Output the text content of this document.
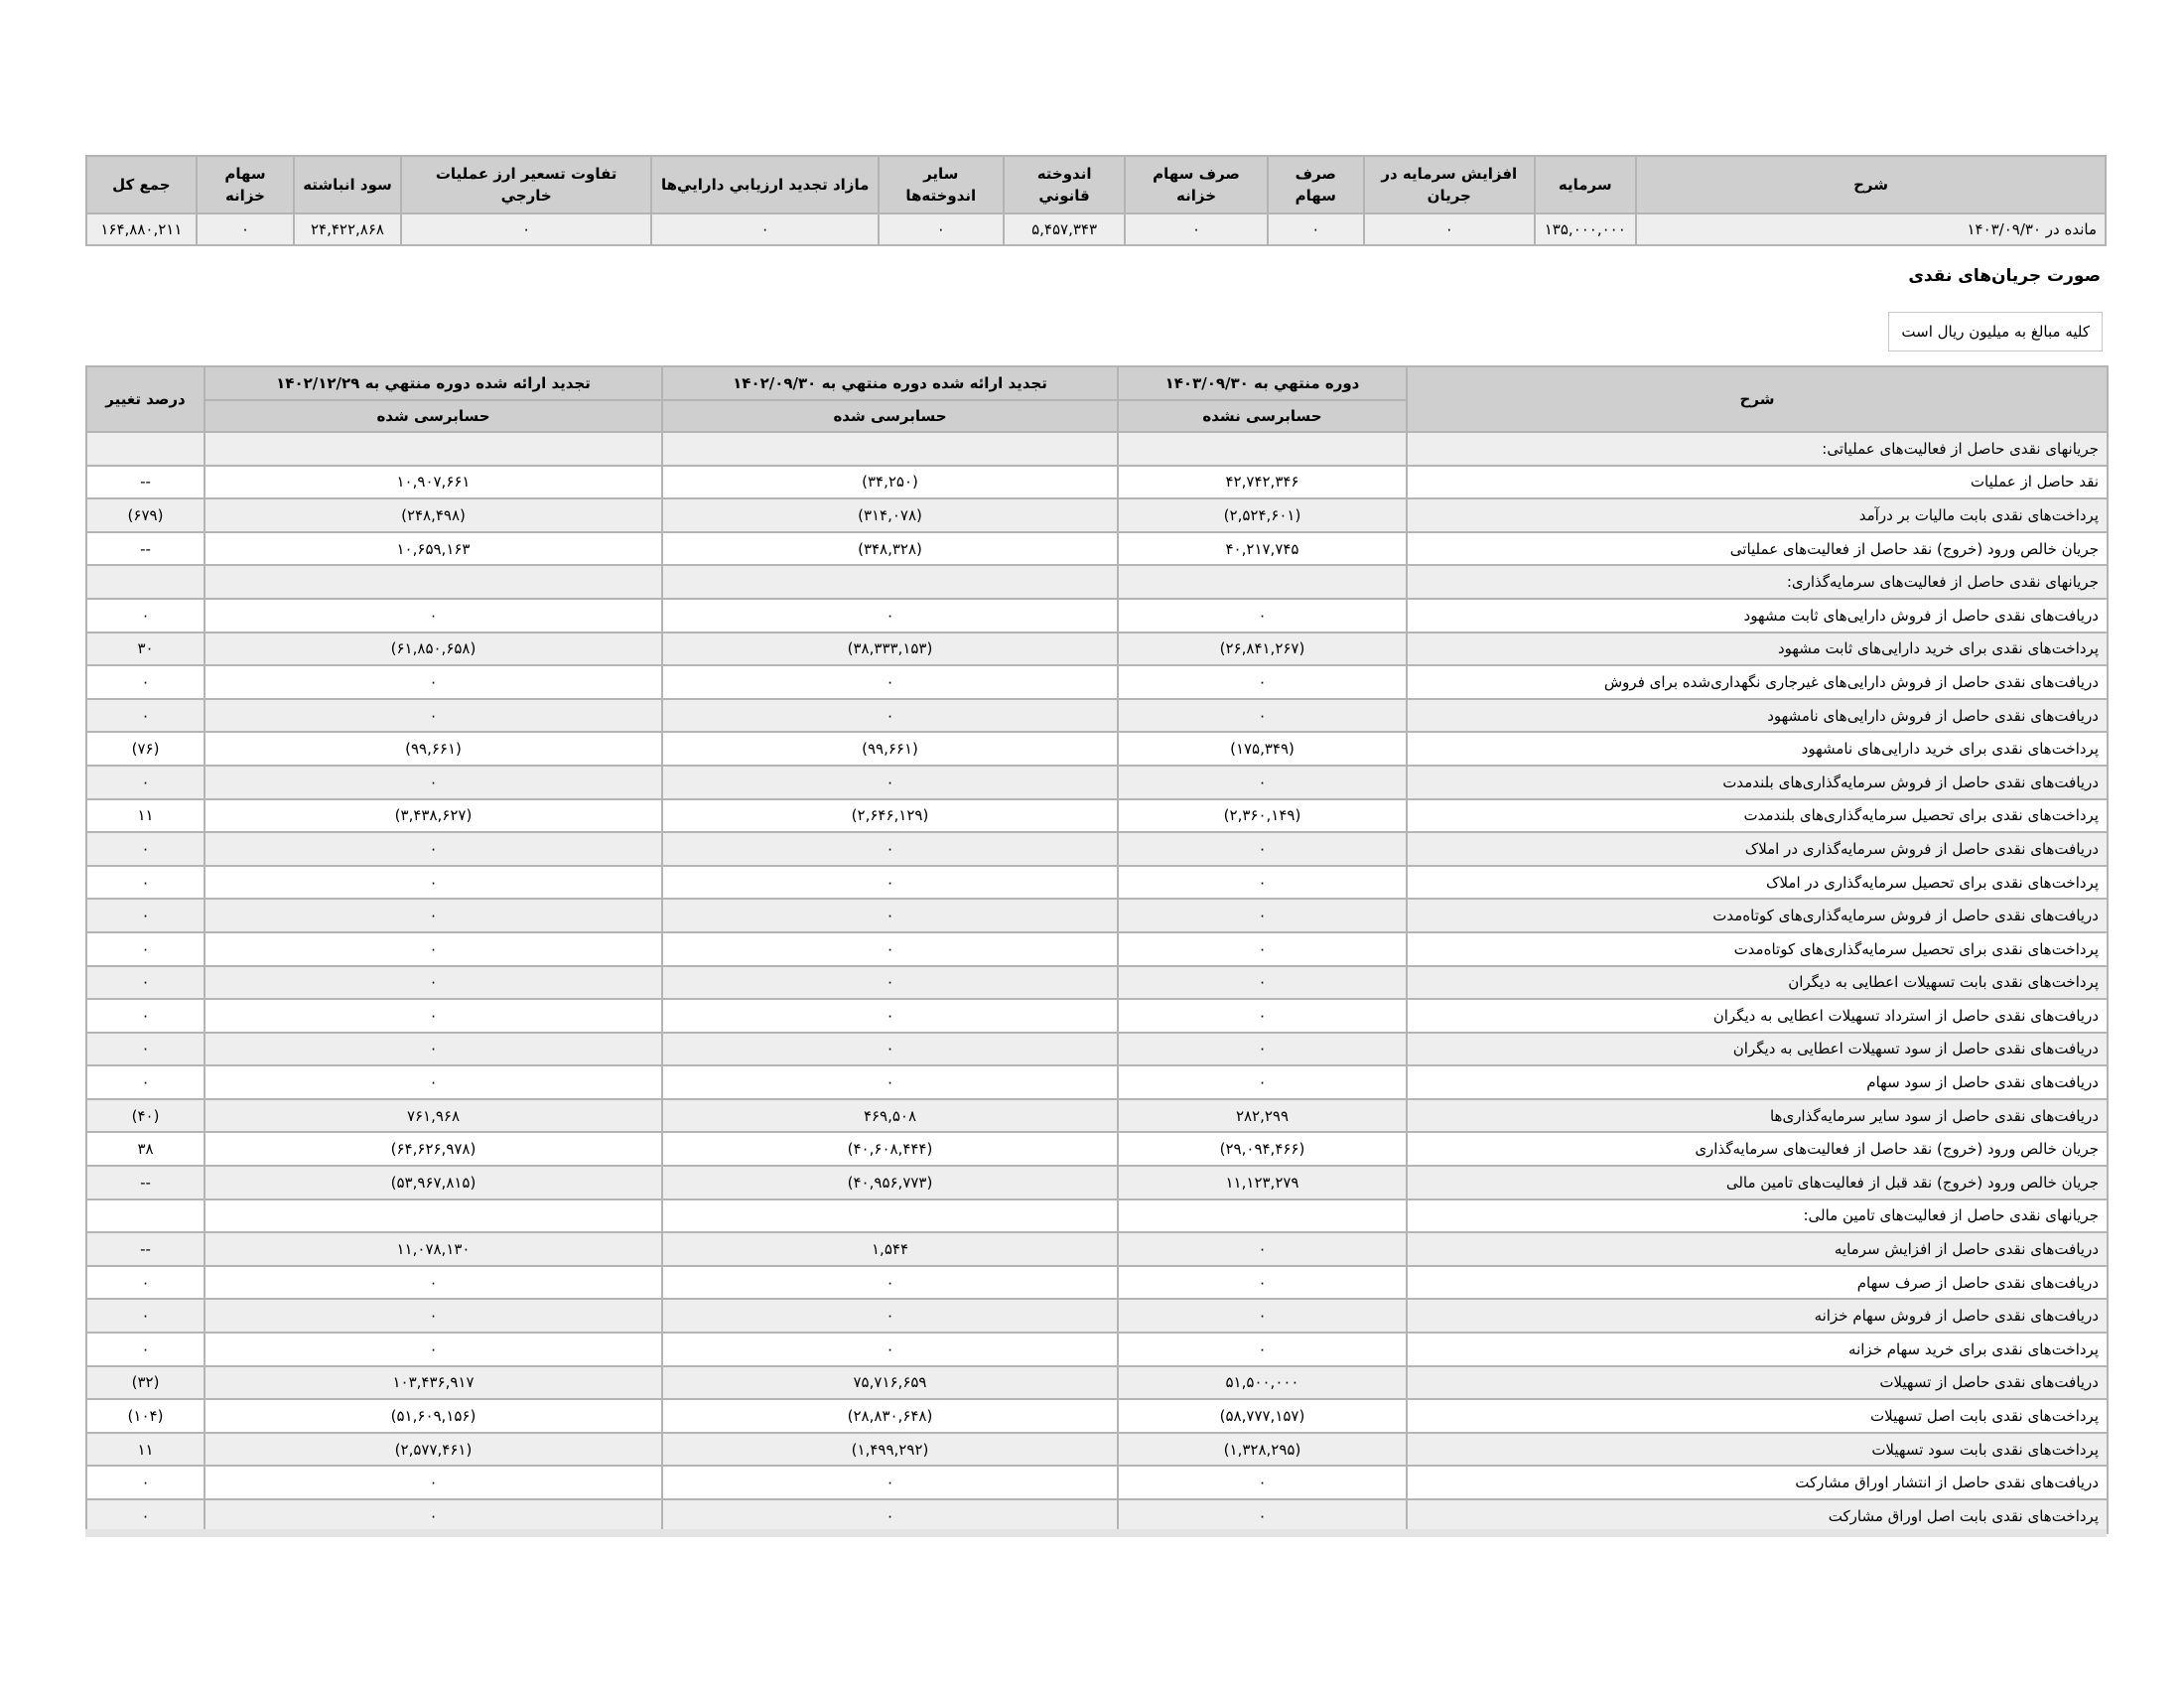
شرح	سرمايه	افزايش سرمايه در جريان	صرف سهام	صرف سهام خزانه	اندوخته قانوني	ساير اندوخته‌ها	مازاد تجديد ارزيابي دارايي‌ها	تفاوت تسعير ارز عمليات خارجي	سود انباشته	سهام خزانه	جمع کل
مانده در ۱۴۰۳/۰۹/۳۰	۱۳۵,۰۰۰,۰۰۰	۰	۰	۰	۵,۴۵۷,۳۴۳	۰	۰	۰	۲۴,۴۲۲,۸۶۸	۰	۱۶۴,۸۸۰,۲۱۱
صورت جريان‌های نقدی
کلیه مبالغ به میلیون ریال است
شرح	دوره منتهي به ۱۴۰۳/۰۹/۳۰	تجدید ارائه شده دوره منتهي به ۱۴۰۲/۰۹/۳۰	تجدید ارائه شده دوره منتهي به ۱۴۰۲/۱۲/۲۹	درصد تغییر
	حسابرسی نشده	حسابرسی شده	حسابرسی شده	
جریانهای نقدی حاصل از فعالیت‌های عملیاتی:				
نقد حاصل از عملیات	۴۲,۷۴۲,۳۴۶	(۳۴,۲۵۰)	۱۰,۹۰۷,۶۶۱	--
پرداخت‌های نقدی بابت مالیات بر درآمد	(۲,۵۲۴,۶۰۱)	(۳۱۴,۰۷۸)	(۲۴۸,۴۹۸)	(۶۷۹)
جریان خالص ورود (خروج) نقد حاصل از فعالیت‌های عملیاتی	۴۰,۲۱۷,۷۴۵	(۳۴۸,۳۲۸)	۱۰,۶۵۹,۱۶۳	--
جریانهای نقدی حاصل از فعالیت‌های سرمایه‌گذاری:				
دریافت‌های نقدی حاصل از فروش دارایی‌های ثابت مشهود	۰	۰	۰	۰
پرداخت‌های نقدی برای خرید دارایی‌های ثابت مشهود	(۲۶,۸۴۱,۲۶۷)	(۳۸,۳۳۳,۱۵۳)	(۶۱,۸۵۰,۶۵۸)	۳۰
دریافت‌های نقدی حاصل از فروش دارایی‌های غیرجاری نگهداری‌شده برای فروش	۰	۰	۰	۰
دریافت‌های نقدی حاصل از فروش دارایی‌های نامشهود	۰	۰	۰	۰
پرداخت‌های نقدی برای خرید دارایی‌های نامشهود	(۱۷۵,۳۴۹)	(۹۹,۶۶۱)	(۹۹,۶۶۱)	(۷۶)
دریافت‌های نقدی حاصل از فروش سرمایه‌گذاری‌های بلندمدت	۰	۰	۰	۰
پرداخت‌های نقدی برای تحصیل سرمایه‌گذاری‌های بلندمدت	(۲,۳۶۰,۱۴۹)	(۲,۶۴۶,۱۲۹)	(۳,۴۳۸,۶۲۷)	۱۱
دریافت‌های نقدی حاصل از فروش سرمایه‌گذاری در املاک	۰	۰	۰	۰
پرداخت‌های نقدی برای تحصیل سرمایه‌گذاری در املاک	۰	۰	۰	۰
دریافت‌های نقدی حاصل از فروش سرمایه‌گذاری‌های کوتاه‌مدت	۰	۰	۰	۰
پرداخت‌های نقدی برای تحصیل سرمایه‌گذاری‌های کوتاه‌مدت	۰	۰	۰	۰
پرداخت‌های نقدی بابت تسهیلات اعطایی به دیگران	۰	۰	۰	۰
دریافت‌های نقدی حاصل از استرداد تسهیلات اعطایی به دیگران	۰	۰	۰	۰
دریافت‌های نقدی حاصل از سود تسهیلات اعطایی به دیگران	۰	۰	۰	۰
دریافت‌های نقدی حاصل از سود سهام	۰	۰	۰	۰
دریافت‌های نقدی حاصل از سود سایر سرمایه‌گذاری‌ها	۲۸۲,۲۹۹	۴۶۹,۵۰۸	۷۶۱,۹۶۸	(۴۰)
جریان خالص ورود (خروج) نقد حاصل از فعالیت‌های سرمایه‌گذاری	(۲۹,۰۹۴,۴۶۶)	(۴۰,۶۰۸,۴۴۴)	(۶۴,۶۲۶,۹۷۸)	۳۸
جریان خالص ورود (خروج) نقد قبل از فعالیت‌های تامین مالی	۱۱,۱۲۳,۲۷۹	(۴۰,۹۵۶,۷۷۳)	(۵۳,۹۶۷,۸۱۵)	--
جریانهای نقدی حاصل از فعالیت‌های تامین مالی:				
دریافت‌های نقدی حاصل از افزایش سرمایه	۰	۱,۵۴۴	۱۱,۰۷۸,۱۳۰	--
دریافت‌های نقدی حاصل از صرف سهام	۰	۰	۰	۰
دریافت‌های نقدی حاصل از فروش سهام خزانه	۰	۰	۰	۰
پرداخت‌های نقدی برای خرید سهام خزانه	۰	۰	۰	۰
دریافت‌های نقدی حاصل از تسهیلات	۵۱,۵۰۰,۰۰۰	۷۵,۷۱۶,۶۵۹	۱۰۳,۴۳۶,۹۱۷	(۳۲)
پرداخت‌های نقدی بابت اصل تسهیلات	(۵۸,۷۷۷,۱۵۷)	(۲۸,۸۳۰,۶۴۸)	(۵۱,۶۰۹,۱۵۶)	(۱۰۴)
پرداخت‌های نقدی بابت سود تسهیلات	(۱,۳۲۸,۲۹۵)	(۱,۴۹۹,۲۹۲)	(۲,۵۷۷,۴۶۱)	۱۱
دریافت‌های نقدی حاصل از انتشار اوراق مشارکت	۰	۰	۰	۰
پرداخت‌های نقدی بابت اصل اوراق مشارکت	۰	۰	۰	۰
